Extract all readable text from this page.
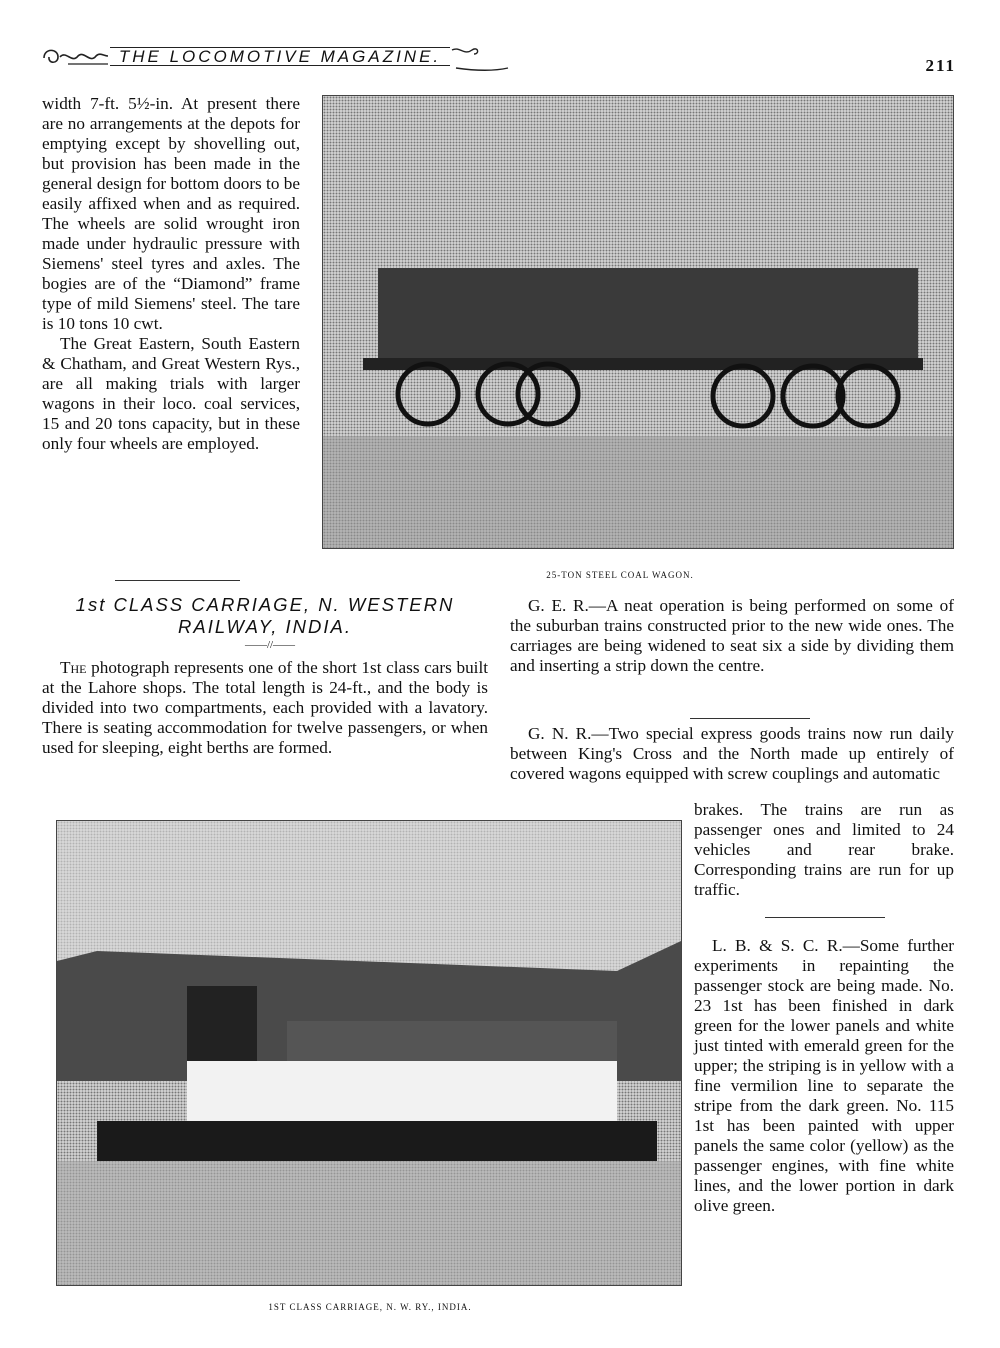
THE LOCOMOTIVE MAGAZINE.	211

width 7-ft. 5½-in. At present there are no arrangements at the depots for emptying except by shovelling out, but provision has been made in the general design for bottom doors to be easily affixed when and as required. The wheels are solid wrought iron made under hydraulic pressure with Siemens' steel tyres and axles. The bogies are of the “Diamond” frame type of mild Siemens' steel. The tare is 10 tons 10 cwt.

The Great Eastern, South Eastern & Chatham, and Great Western Rys., are all making trials with larger wagons in their loco. coal services, 15 and 20 tons capacity, but in these only four wheels are employed.

25-TON STEEL COAL WAGON.
1st CLASS CARRIAGE, N. WESTERN
RAILWAY, INDIA.
——//——

The photograph represents one of the short 1st class cars built at the Lahore shops. The total length is 24-ft., and the body is divided into two compartments, each provided with a lavatory. There is seating accommodation for twelve passengers, or when used for sleeping, eight berths are formed.

G. E. R.—A neat operation is being performed on some of the suburban trains constructed prior to the new wide ones. The carriages are being widened to seat six a side by dividing them and inserting a strip down the centre.

G. N. R.—Two special express goods trains now run daily between King's Cross and the North made up entirely of covered wagons equipped with screw couplings and automatic

brakes. The trains are run as passenger ones and limited to 24 vehicles and rear brake. Corresponding trains are run for up traffic.

L. B. & S. C. R.—Some further experiments in repainting the passenger stock are being made. No. 23 1st has been finished in dark green for the lower panels and white just tinted with emerald green for the upper; the striping is in yellow with a fine vermilion line to separate the stripe from the dark green. No. 115 1st has been painted with upper panels the same color (yellow) as the passenger engines, with fine white lines, and the lower portion in dark olive green.
1ST CLASS CARRIAGE, N. W. RY., INDIA.
